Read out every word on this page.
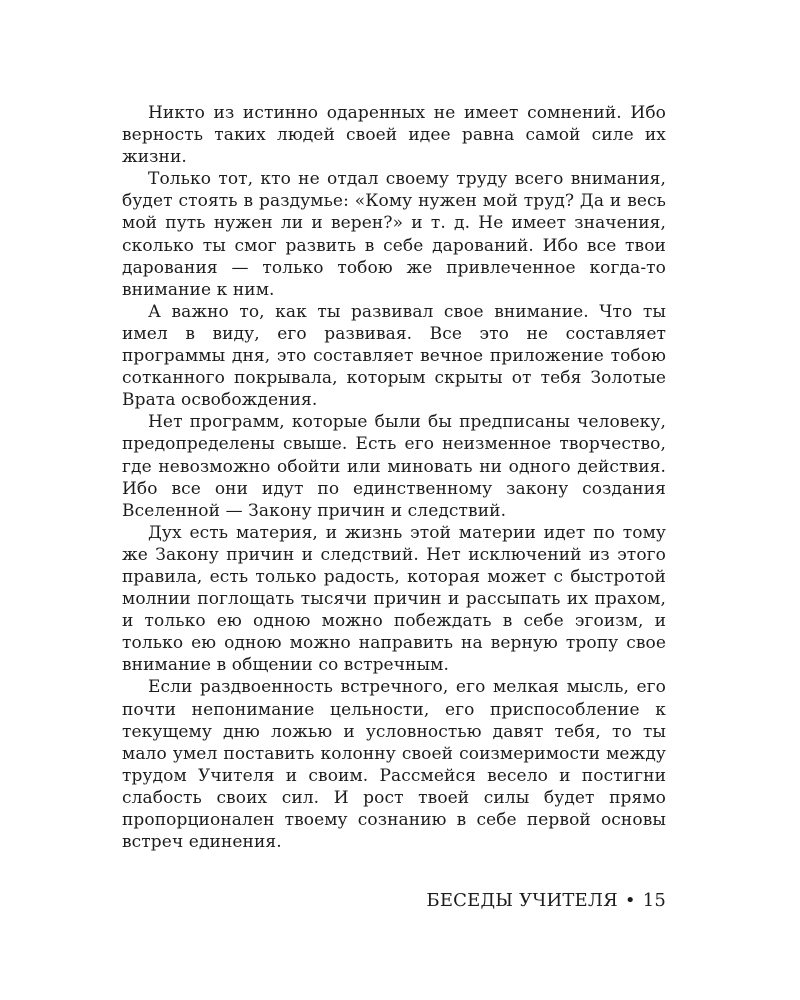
Никто из истинно одаренных не имеет сомнений. Ибо верность таких людей своей идее равна самой силе их жизни.

Только тот, кто не отдал своему труду всего внимания, будет стоять в раздумье: «Кому нужен мой труд? Да и весь мой путь нужен ли и верен?» и т. д. Не имеет значения, сколько ты смог развить в себе дарований. Ибо все твои дарования — только тобою же привлеченное когда-то внимание к ним.

А важно то, как ты развивал свое внимание. Что ты имел в виду, его развивая. Все это не составляет программы дня, это составляет вечное приложение тобою сотканного покрывала, которым скрыты от тебя Золотые Врата освобождения.

Нет программ, которые были бы предписаны человеку, предопределены свыше. Есть его неизменное творчество, где невозможно обойти или миновать ни одного действия. Ибо все они идут по единственному закону создания Вселенной — Закону причин и следствий.

Дух есть материя, и жизнь этой материи идет по тому же Закону причин и следствий. Нет исключений из этого правила, есть только радость, которая может с быстротой молнии поглощать тысячи причин и рассыпать их прахом, и только ею одною можно побеждать в себе эгоизм, и только ею одною можно направить на верную тропу свое внимание в общении со встречным.

Если раздвоенность встречного, его мелкая мысль, его почти непонимание цельности, его приспособление к текущему дню ложью и условностью давят тебя, то ты мало умел поставить колонну своей соизмеримости между трудом Учителя и своим. Рассмейся весело и постигни слабость своих сил. И рост твоей силы будет прямо пропорционален твоему сознанию в себе первой основы встреч единения.

БЕСЕДЫ УЧИТЕЛЯ • 15
